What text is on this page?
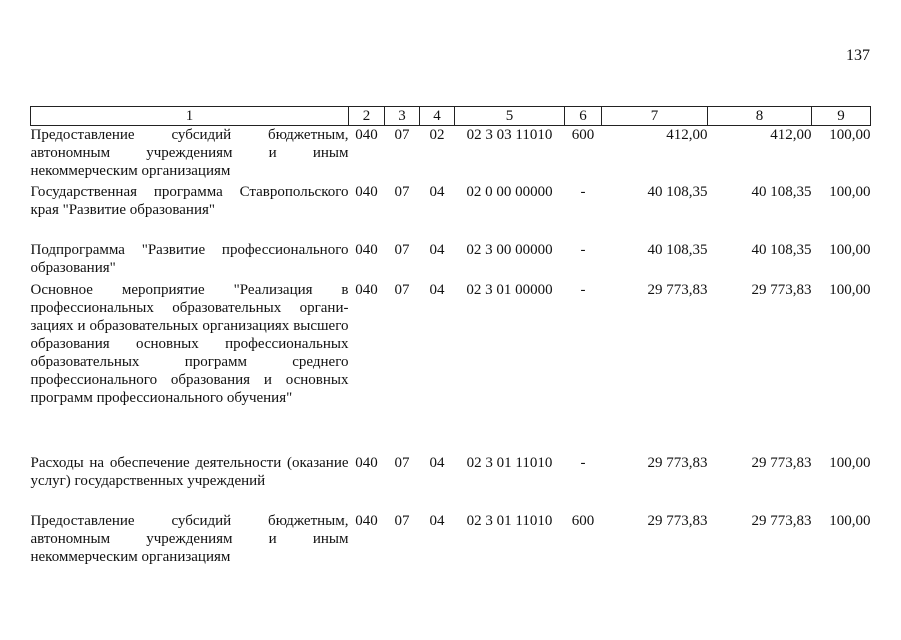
137
1	2	3	4	5	6	7	8	9
Предоставление субсидий бюджетным, автономным учреждениям и иным некоммерческим организациям	040	07	02	02 3 03 11010	600	412,00	412,00	100,00
Государственная программа Ставропольского края "Развитие образования"	040	07	04	02 0 00 00000	-	40 108,35	40 108,35	100,00
Подпрограмма "Развитие профессионального образования"	040	07	04	02 3 00 00000	-	40 108,35	40 108,35	100,00
Основное мероприятие "Реализация в профессиональных образовательных организациях и образовательных организациях высшего образования основных профессиональных образовательных программ среднего профессионального образования и основных программ профессионального обучения"	040	07	04	02 3 01 00000	-	29 773,83	29 773,83	100,00
Расходы на обеспечение деятельности (оказание услуг) государственных учреждений	040	07	04	02 3 01 11010	-	29 773,83	29 773,83	100,00
Предоставление субсидий бюджетным, автономным учреждениям и иным некоммерческим организациям	040	07	04	02 3 01 11010	600	29 773,83	29 773,83	100,00
